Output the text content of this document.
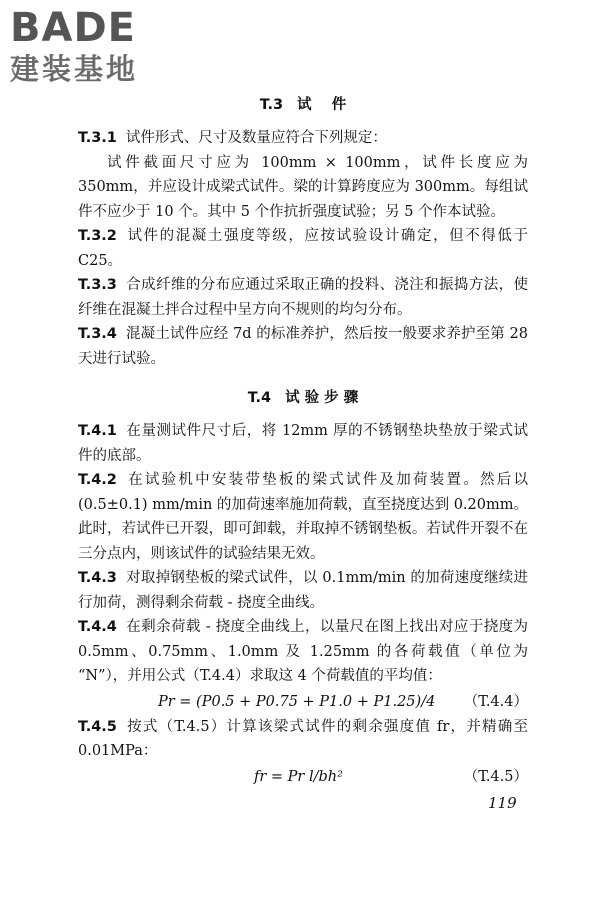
BADE
建装基地
T.3 试    件
T.3.1 试件形式、尺寸及数量应符合下列规定：
试件截面尺寸应为 100mm × 100mm，试件长度应为 350mm，并应设计成梁式试件。梁的计算跨度应为 300mm。每组试件不应少于 10 个。其中 5 个作抗折强度试验；另 5 个作本试验。
T.3.2 试件的混凝土强度等级，应按试验设计确定，但不得低于 C25。
T.3.3 合成纤维的分布应通过采取正确的投料、浇注和振捣方法，使纤维在混凝土拌合过程中呈方向不规则的均匀分布。
T.3.4 混凝土试件应经 7d 的标准养护，然后按一般要求养护至第 28 天进行试验。
T.4 试 验 步 骤
T.4.1 在量测试件尺寸后，将 12mm 厚的不锈钢垫块垫放于梁式试件的底部。
T.4.2 在试验机中安装带垫板的梁式试件及加荷装置。然后以 (0.5±0.1) mm/min 的加荷速率施加荷载，直至挠度达到 0.20mm。此时，若试件已开裂，即可卸载，并取掉不锈钢垫板。若试件开裂不在三分点内，则该试件的试验结果无效。
T.4.3 对取掉钢垫板的梁式试件，以 0.1mm/min 的加荷速度继续进行加荷，测得剩余荷载 - 挠度全曲线。
T.4.4 在剩余荷载 - 挠度全曲线上，以量尺在图上找出对应于挠度为 0.5mm、0.75mm、1.0mm 及 1.25mm 的各荷载值（单位为 “N”），并用公式（T.4.4）求取这 4 个荷载值的平均值：
Pr = (P0.5 + P0.75 + P1.0 + P1.25)/4 （T.4.4）
T.4.5 按式（T.4.5）计算该梁式试件的剩余强度值 fr，并精确至 0.01MPa：
fr = Pr l/bh²	（T.4.5）
119
